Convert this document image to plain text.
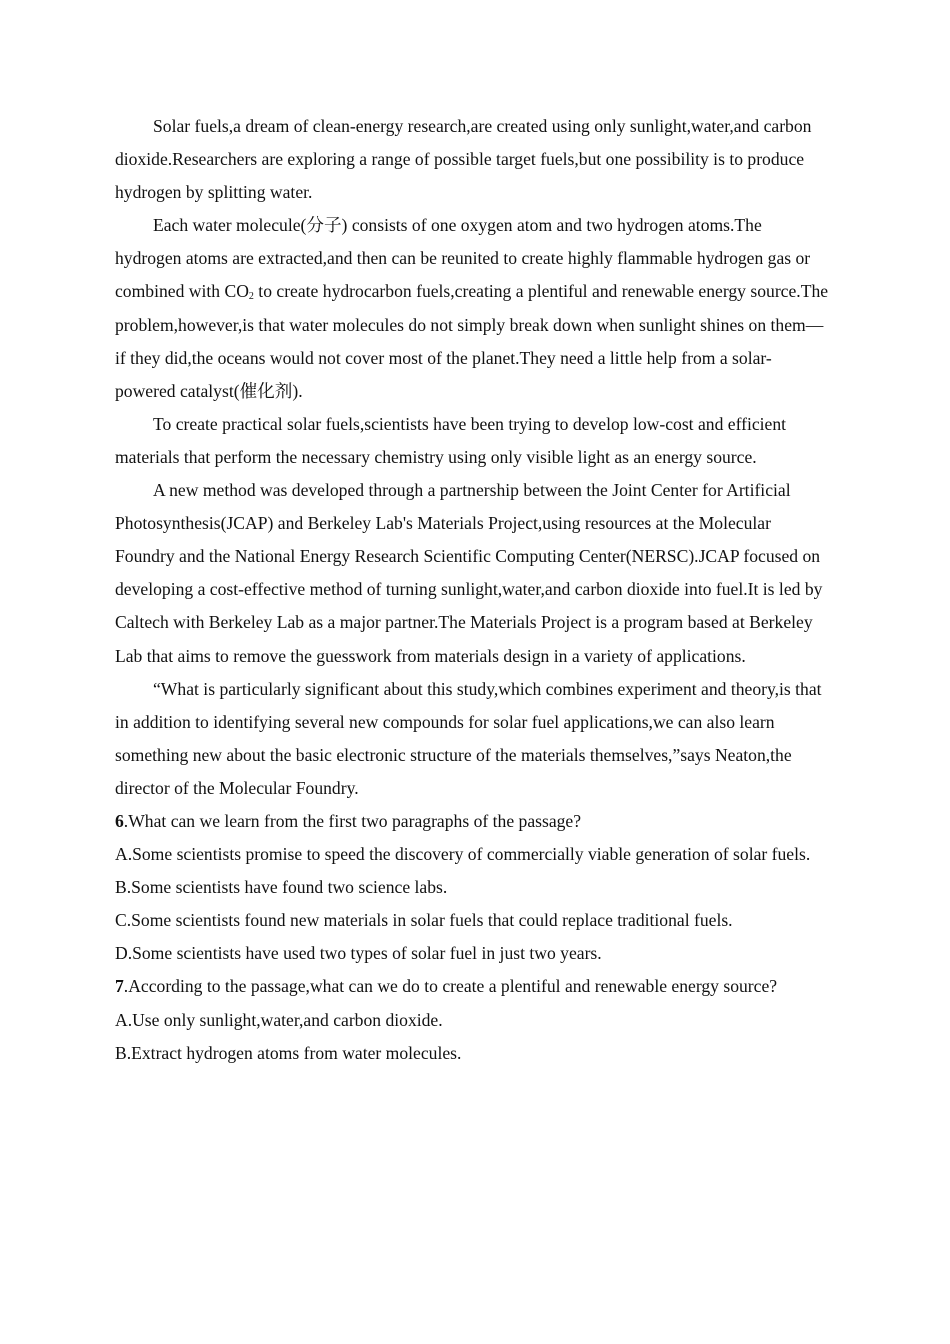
Solar fuels,a dream of clean-energy research,are created using only sunlight,water,and carbon dioxide.Researchers are exploring a range of possible target fuels,but one possibility is to produce hydrogen by splitting water.

Each water molecule(分子) consists of one oxygen atom and two hydrogen atoms.The hydrogen atoms are extracted,and then can be reunited to create highly flammable hydrogen gas or combined with $CO_2$ to create hydrocarbon fuels,creating a plentiful and renewable energy source.The problem,however,is that water molecules do not simply break down when sunlight shines on them—if they did,the oceans would not cover most of the planet.They need a little help from a solar-powered catalyst(催化剂).

To create practical solar fuels,scientists have been trying to develop low-cost and efficient materials that perform the necessary chemistry using only visible light as an energy source.

A new method was developed through a partnership between the Joint Center for Artificial Photosynthesis(JCAP) and Berkeley Lab's Materials Project,using resources at the Molecular Foundry and the National Energy Research Scientific Computing Center(NERSC).JCAP focused on developing a cost-effective method of turning sunlight,water,and carbon dioxide into fuel.It is led by Caltech with Berkeley Lab as a major partner.The Materials Project is a program based at Berkeley Lab that aims to remove the guesswork from materials design in a variety of applications.

“What is particularly significant about this study,which combines experiment and theory,is that in addition to identifying several new compounds for solar fuel applications,we can also learn something new about the basic electronic structure of the materials themselves,”says Neaton,the director of the Molecular Foundry.

6.What can we learn from the first two paragraphs of the passage?

A.Some scientists promise to speed the discovery of commercially viable generation of solar fuels.

B.Some scientists have found two science labs.

C.Some scientists found new materials in solar fuels that could replace traditional fuels.

D.Some scientists have used two types of solar fuel in just two years.

7.According to the passage,what can we do to create a plentiful and renewable energy source?

A.Use only sunlight,water,and carbon dioxide.

B.Extract hydrogen atoms from water molecules.
